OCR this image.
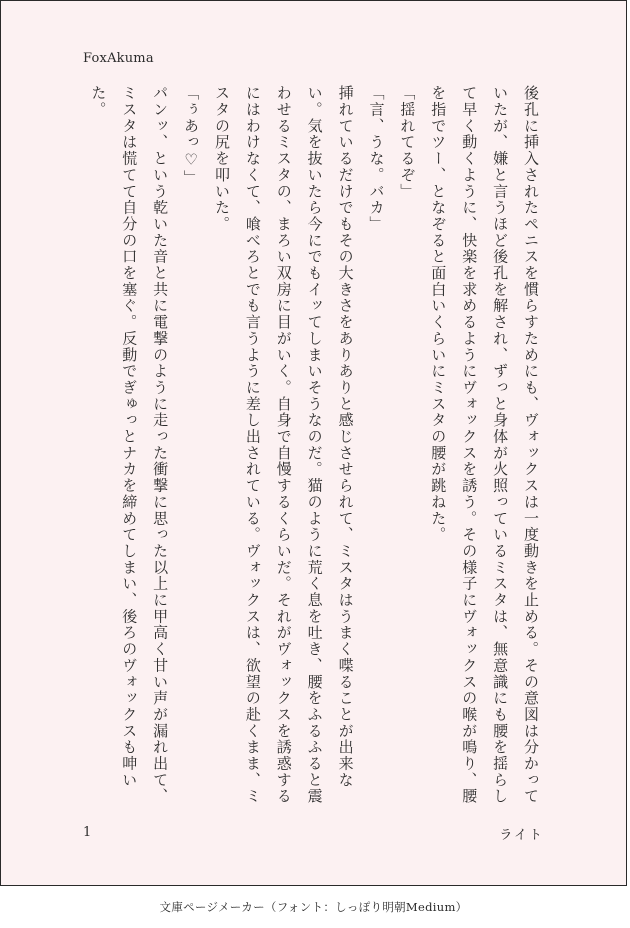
FoxAkuma

後孔に挿入されたペニスを慣らすためにも、ヴォックスは一度動きを止める。その意図は分かっていたが、嫌と言うほど後孔を解され、ずっと身体が火照っているミスタは、無意識にも腰を揺らして早く動くように、快楽を求めるようにヴォックスを誘う。その様子にヴォックスの喉が鳴り、腰を指でツー、となぞると面白いくらいにミスタの腰が跳ねた。

「揺れてるぞ」

「言、うな。バカ」

挿れているだけでもその大きさをありありと感じさせられて、ミスタはうまく喋ることが出来ない。気を抜いたら今にでもイッてしまいそうなのだ。猫のように荒く息を吐き、腰をふるふると震わせるミスタの、まろい双房に目がいく。自身で自慢するくらいだ。それがヴォックスを誘惑するにはわけなくて、喰べろとでも言うように差し出されている。ヴォックスは、欲望の赴くまま、ミスタの尻を叩いた。

「ぅあっ♡」

パンッ、という乾いた音と共に電撃のように走った衝撃に思った以上に甲高く甘い声が漏れ出て、ミスタは慌てて自分の口を塞ぐ。反動でぎゅっとナカを締めてしまい、後ろのヴォックスも呻いた。

1	ライト
文庫ページメーカー（フォント：しっぽり明朝Medium）
